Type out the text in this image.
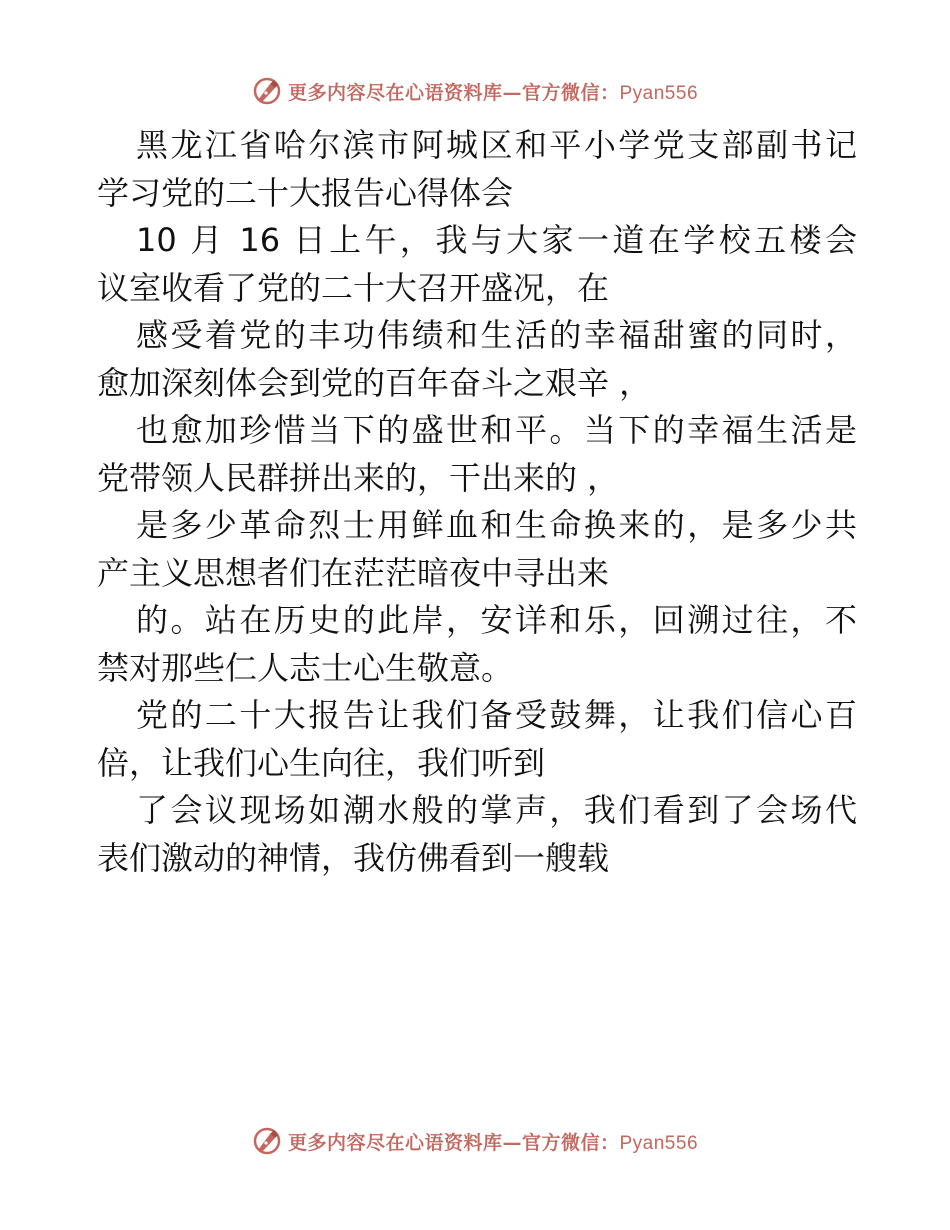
更多内容尽在心语资料库—官方微信：Pyan556
黑龙江省哈尔滨市阿城区和平小学党支部副书记
学习党的二十大报告心得体会
10 月 16 日上午，我与大家一道在学校五楼会
议室收看了党的二十大召开盛况，在
感受着党的丰功伟绩和生活的幸福甜蜜的同时，
愈加深刻体会到党的百年奋斗之艰辛 ，
也愈加珍惜当下的盛世和平。当下的幸福生活是
党带领人民群拼出来的，干出来的 ，
是多少革命烈士用鲜血和生命换来的，是多少共
产主义思想者们在茫茫暗夜中寻出来
的。站在历史的此岸，安详和乐，回溯过往，不
禁对那些仁人志士心生敬意。
党的二十大报告让我们备受鼓舞，让我们信心百
倍，让我们心生向往，我们听到
了会议现场如潮水般的掌声，我们看到了会场代
表们激动的神情，我仿佛看到一艘载
更多内容尽在心语资料库—官方微信：Pyan556
